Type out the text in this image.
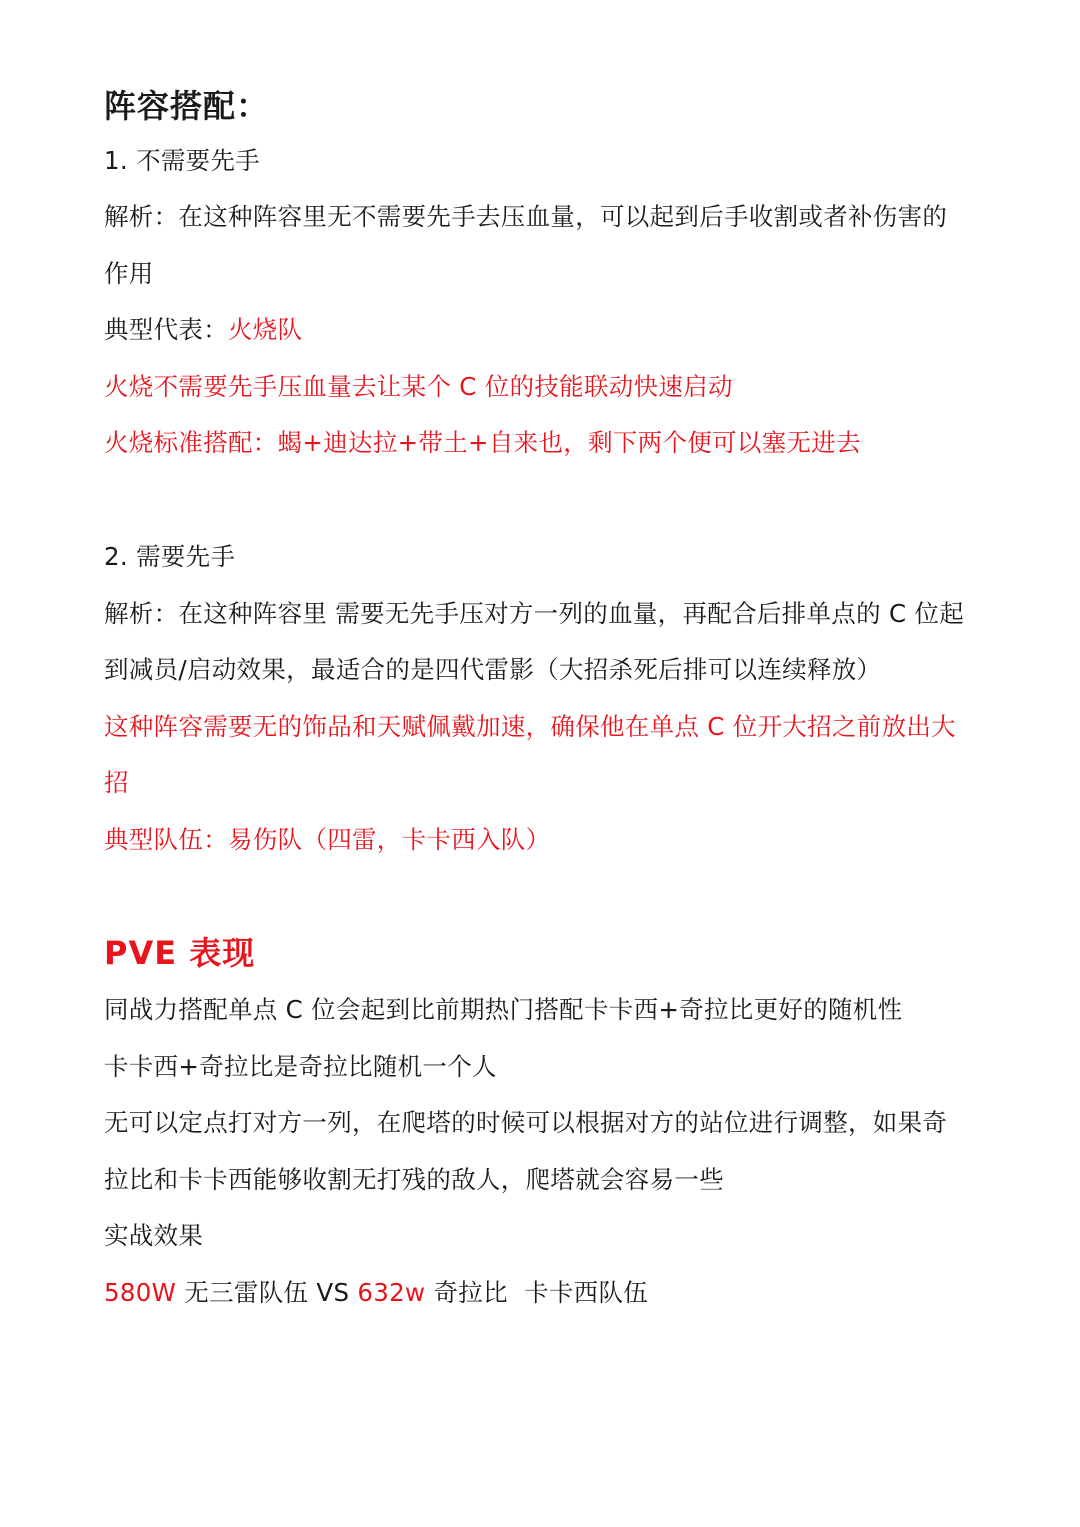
阵容搭配：

1. 不需要先手

解析：在这种阵容里无不需要先手去压血量，可以起到后手收割或者补伤害的

作用

典型代表：火烧队

火烧不需要先手压血量去让某个 C 位的技能联动快速启动

火烧标准搭配：蝎+迪达拉+带土+自来也，剩下两个便可以塞无进去

2. 需要先手

解析：在这种阵容里 需要无先手压对方一列的血量，再配合后排单点的 C 位起

到减员/启动效果，最适合的是四代雷影（大招杀死后排可以连续释放）

这种阵容需要无的饰品和天赋佩戴加速，确保他在单点 C 位开大招之前放出大

招

典型队伍：易伤队（四雷，卡卡西入队）

PVE 表现

同战力搭配单点 C 位会起到比前期热门搭配卡卡西+奇拉比更好的随机性

卡卡西+奇拉比是奇拉比随机一个人

无可以定点打对方一列，在爬塔的时候可以根据对方的站位进行调整，如果奇

拉比和卡卡西能够收割无打残的敌人，爬塔就会容易一些

实战效果

580W 无三雷队伍 VS 632w 奇拉比  卡卡西队伍
